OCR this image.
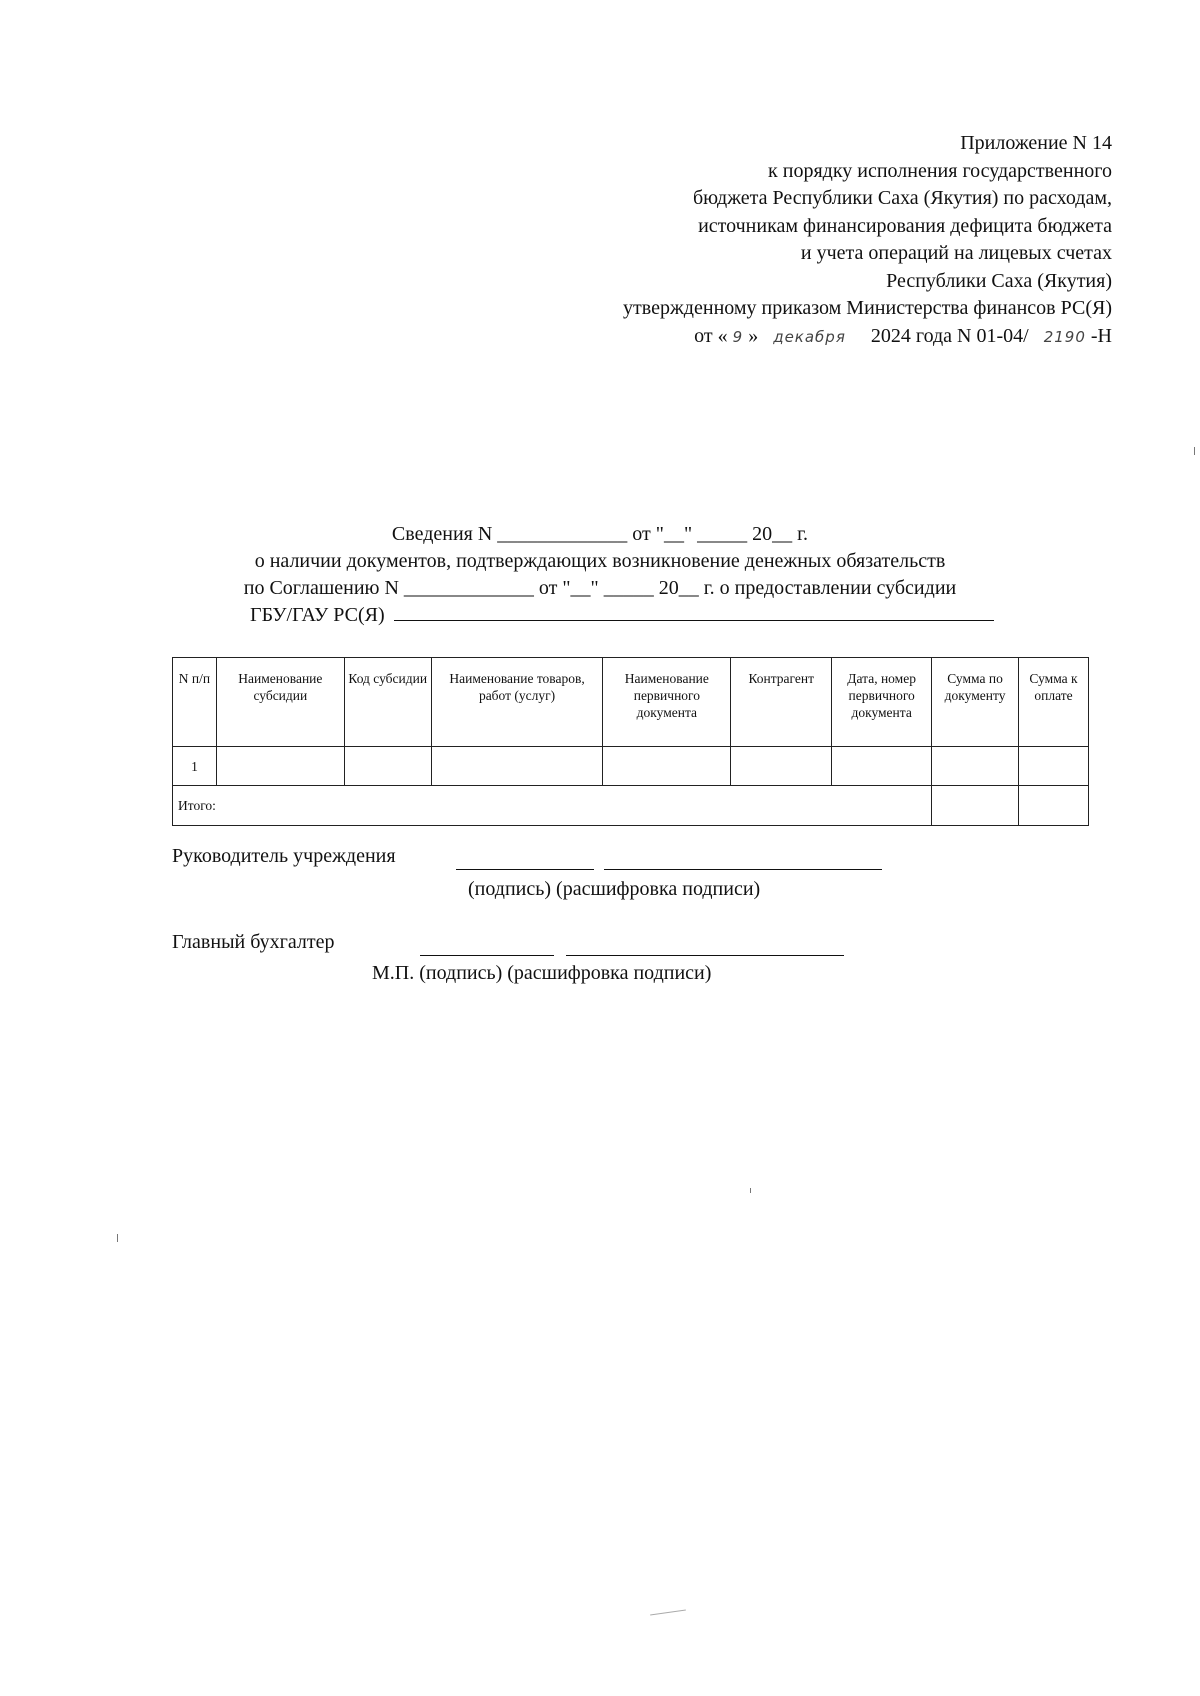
Приложение N 14
к порядку исполнения государственного
бюджета Республики Саха (Якутия) по расходам,
источникам финансирования дефицита бюджета
и учета операций на лицевых счетах
Республики Саха (Якутия)
утвержденному приказом Министерства финансов РС(Я)
от « 9 » декабря 2024 года N 01-04/ 2190 -Н
Сведения N _____________ от "__" _____ 20__ г.
о наличии документов, подтверждающих возникновение денежных обязательств
по Соглашению N _____________ от "__" _____ 20__ г. о предоставлении субсидии
ГБУ/ГАУ РС(Я)
N п/п	Наименование субсидии	Код субсидии	Наименование товаров, работ (услуг)	Наименование первичного документа	Контрагент	Дата, номер первичного документа	Сумма по документу	Сумма к оплате
1								
Итого:								
Руководитель учреждения
(подпись) (расшифровка подписи)
Главный бухгалтер
М.П. (подпись) (расшифровка подписи)
